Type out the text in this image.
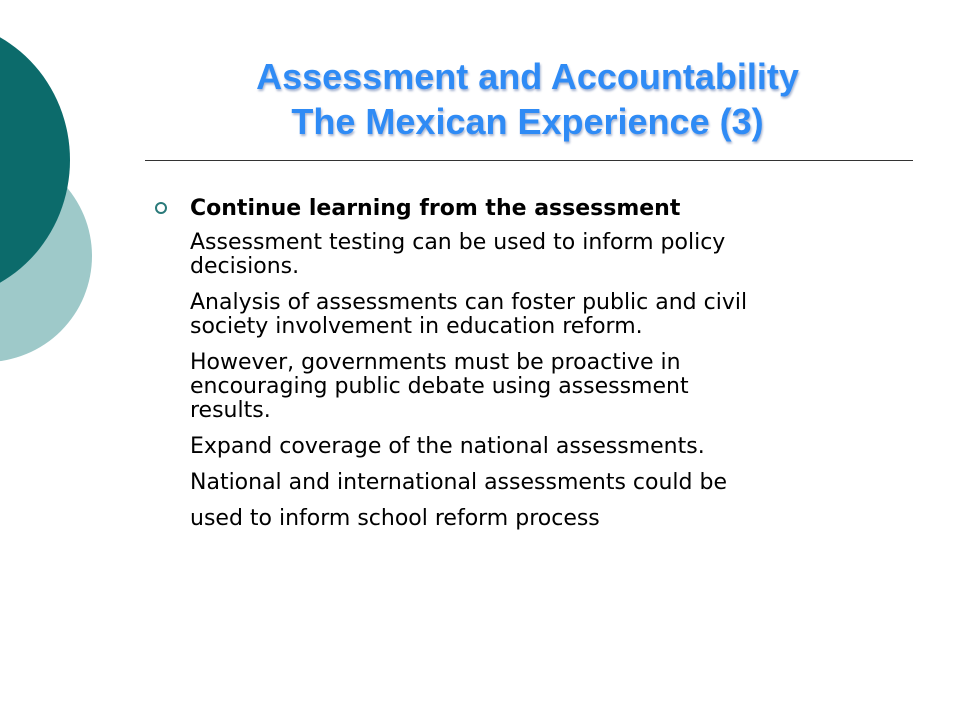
Assessment and Accountability
The Mexican Experience (3)

Continue learning from the assessment

Assessment testing can be used to inform policy
decisions.

Analysis of assessments can foster public and civil
society involvement in education reform.

However, governments must be proactive in
encouraging public debate using assessment
results.

Expand coverage of the national assessments.

National and international assessments could be

used to inform school reform process
